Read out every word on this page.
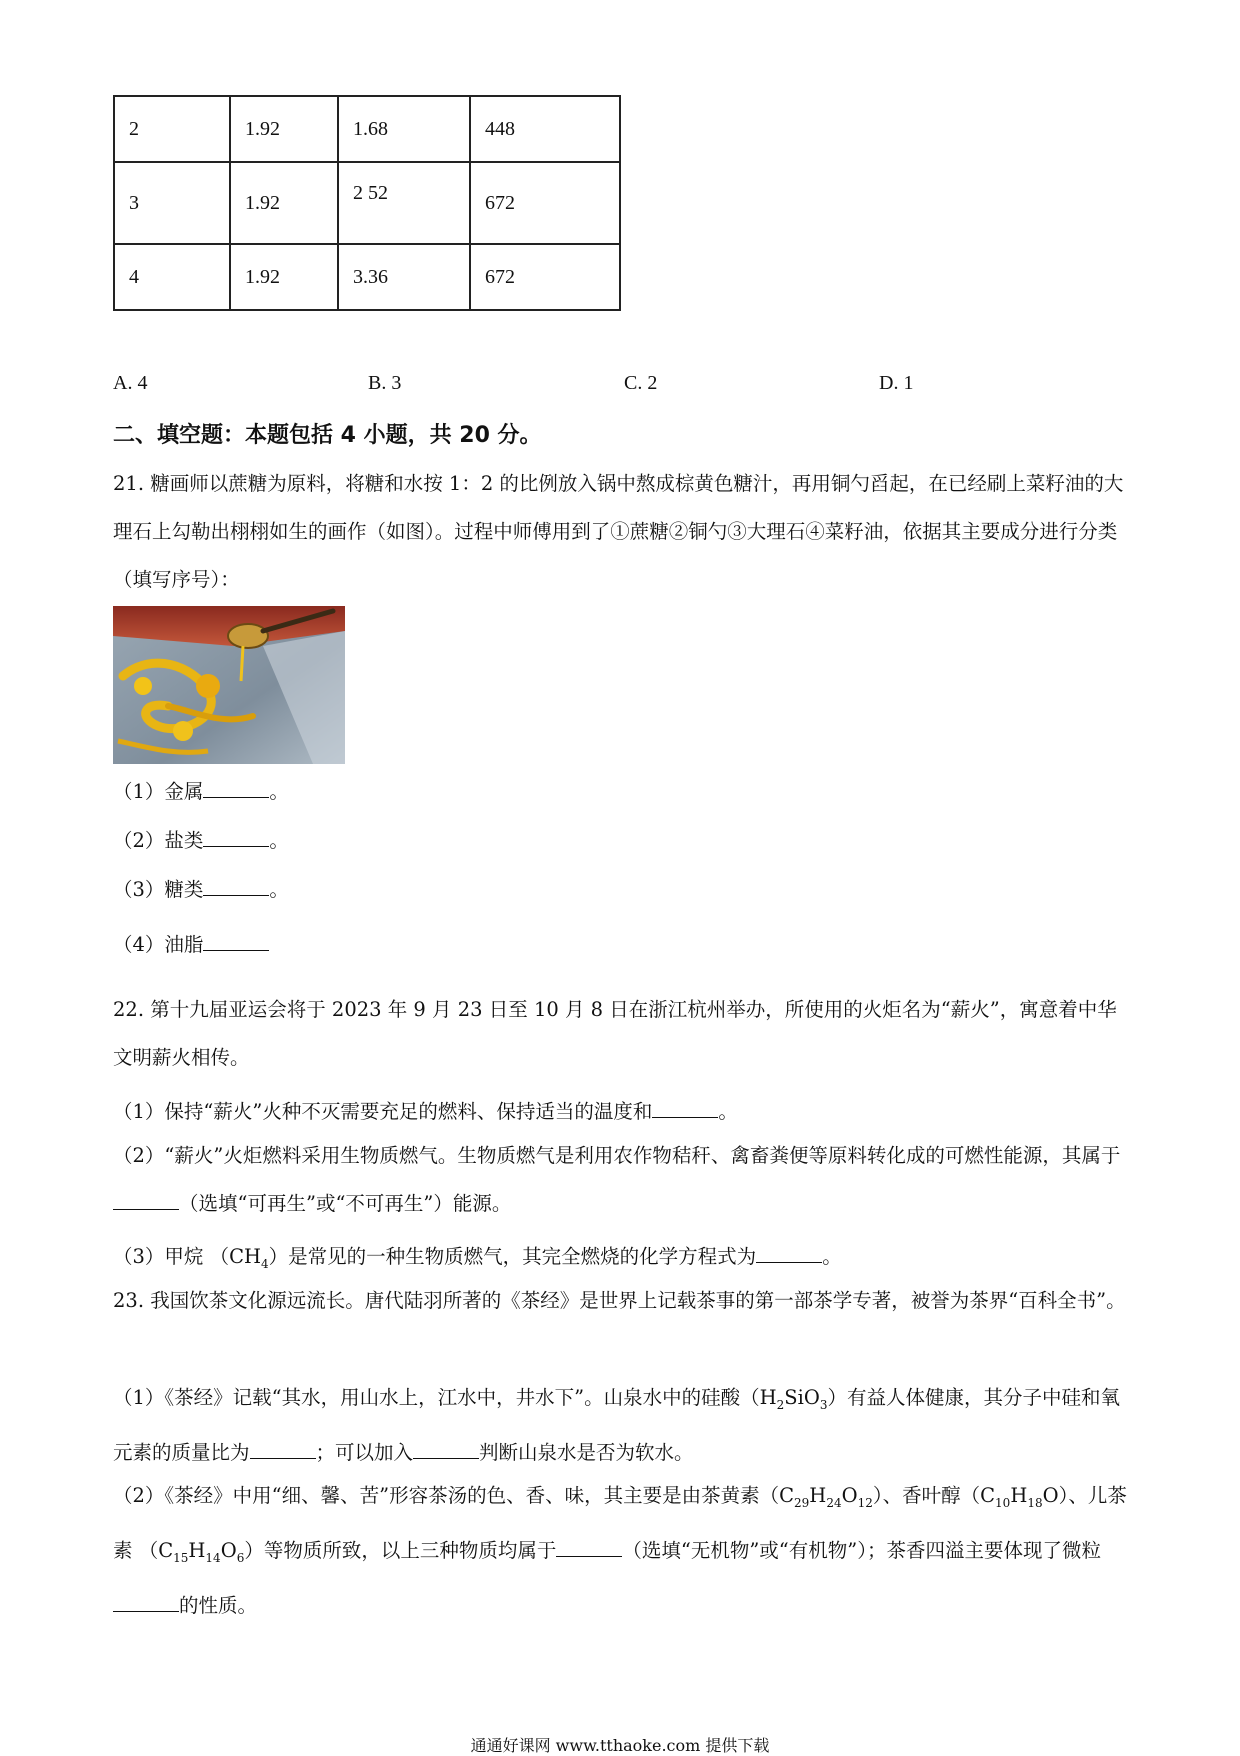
2	1.92	1.68	448
3	1.92	2 52	672
4	1.92	3.36	672
A. 4	B. 3	C. 2	D. 1
二、填空题：本题包括 4 小题，共 20 分。

21. 糖画师以蔗糖为原料，将糖和水按 1：2 的比例放入锅中熬成棕黄色糖汁，再用铜勺舀起，在已经刷上菜籽油的大理石上勾勒出栩栩如生的画作（如图）。过程中师傅用到了①蔗糖②铜勺③大理石④菜籽油，依据其主要成分进行分类（填写序号）：

（1）金属	。
（2）盐类	。
（3）糖类	。
（4）油脂

22. 第十九届亚运会将于 2023 年 9 月 23 日至 10 月 8 日在浙江杭州举办，所使用的火炬名为“薪火”，寓意着中华文明薪火相传。

（1）保持“薪火”火种不灭需要充足的燃料、保持适当的温度和	。

（2）“薪火”火炬燃料采用生物质燃气。生物质燃气是利用农作物秸秆、禽畜粪便等原料转化成的可燃性能源，其属于（选填“可再生”或“不可再生”）能源。

（3）甲烷 $(CH_4)$是常见的一种生物质燃气，其完全燃烧的化学方程式为	。

23. 我国饮茶文化源远流长。唐代陆羽所著的《茶经》是世界上记载茶事的第一部茶学专著，被誉为茶界“百科全书”。

（1）《茶经》记载“其水，用山水上，江水中，井水下”。山泉水中的硅酸$(H_2SiO_3)$有益人体健康，其分子中硅和氧元素的质量比为	；可以加入	判断山泉水是否为软水。

（2）《茶经》中用“细、馨、苦”形容茶汤的色、香、味，其主要是由茶黄素$(C_{29}H_{24}O_{12})$、香叶醇$(C_{10}H_{18}O)$、儿茶素 $(C_{15}H_{14}O_6)$等物质所致，以上三种物质均属于	（选填“无机物”或“有机物”）；茶香四溢主要体现了微粒的性质。

通通好课网 www.tthaoke.com 提供下载
